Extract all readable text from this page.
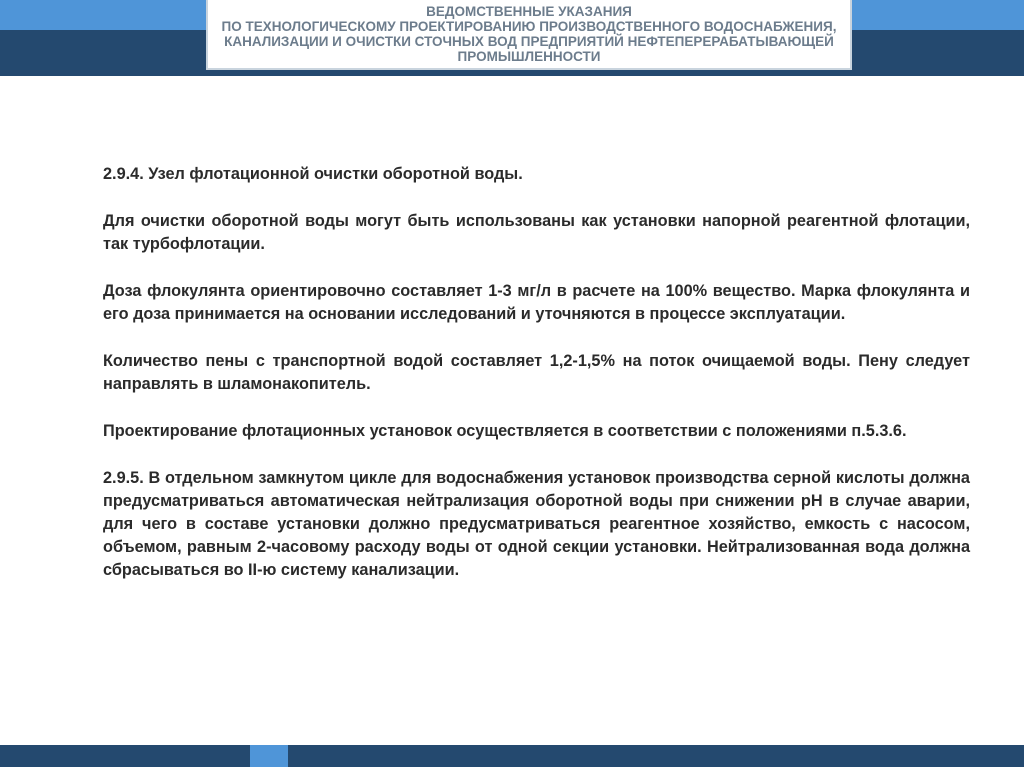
ВЕДОМСТВЕННЫЕ УКАЗАНИЯ
ПО ТЕХНОЛОГИЧЕСКОМУ ПРОЕКТИРОВАНИЮ ПРОИЗВОДСТВЕННОГО ВОДОСНАБЖЕНИЯ,
КАНАЛИЗАЦИИ И ОЧИСТКИ СТОЧНЫХ ВОД ПРЕДПРИЯТИЙ НЕФТЕПЕРЕРАБАТЫВАЮЩЕЙ
ПРОМЫШЛЕННОСТИ

2.9.4. Узел флотационной очистки оборотной воды.

Для очистки оборотной воды могут быть использованы как установки напорной реагентной флотации, так турбофлотации.

Доза флокулянта ориентировочно составляет 1-3 мг/л в расчете на 100% вещество. Марка флокулянта и его доза принимается на основании исследований и уточняются в процессе эксплуатации.

Количество пены с транспортной водой составляет 1,2-1,5% на поток очищаемой воды. Пену следует направлять в шламонакопитель.

Проектирование флотационных установок осуществляется в соответствии с положениями п.5.3.6.

2.9.5. В отдельном замкнутом цикле для водоснабжения установок производства серной кислоты должна предусматриваться автоматическая нейтрализация оборотной воды при снижении pH в случае аварии, для чего в составе установки должно предусматриваться реагентное хозяйство, емкость с насосом, объемом, равным 2-часовому расходу воды от одной секции установки. Нейтрализованная вода должна сбрасываться во II-ю систему канализации.
